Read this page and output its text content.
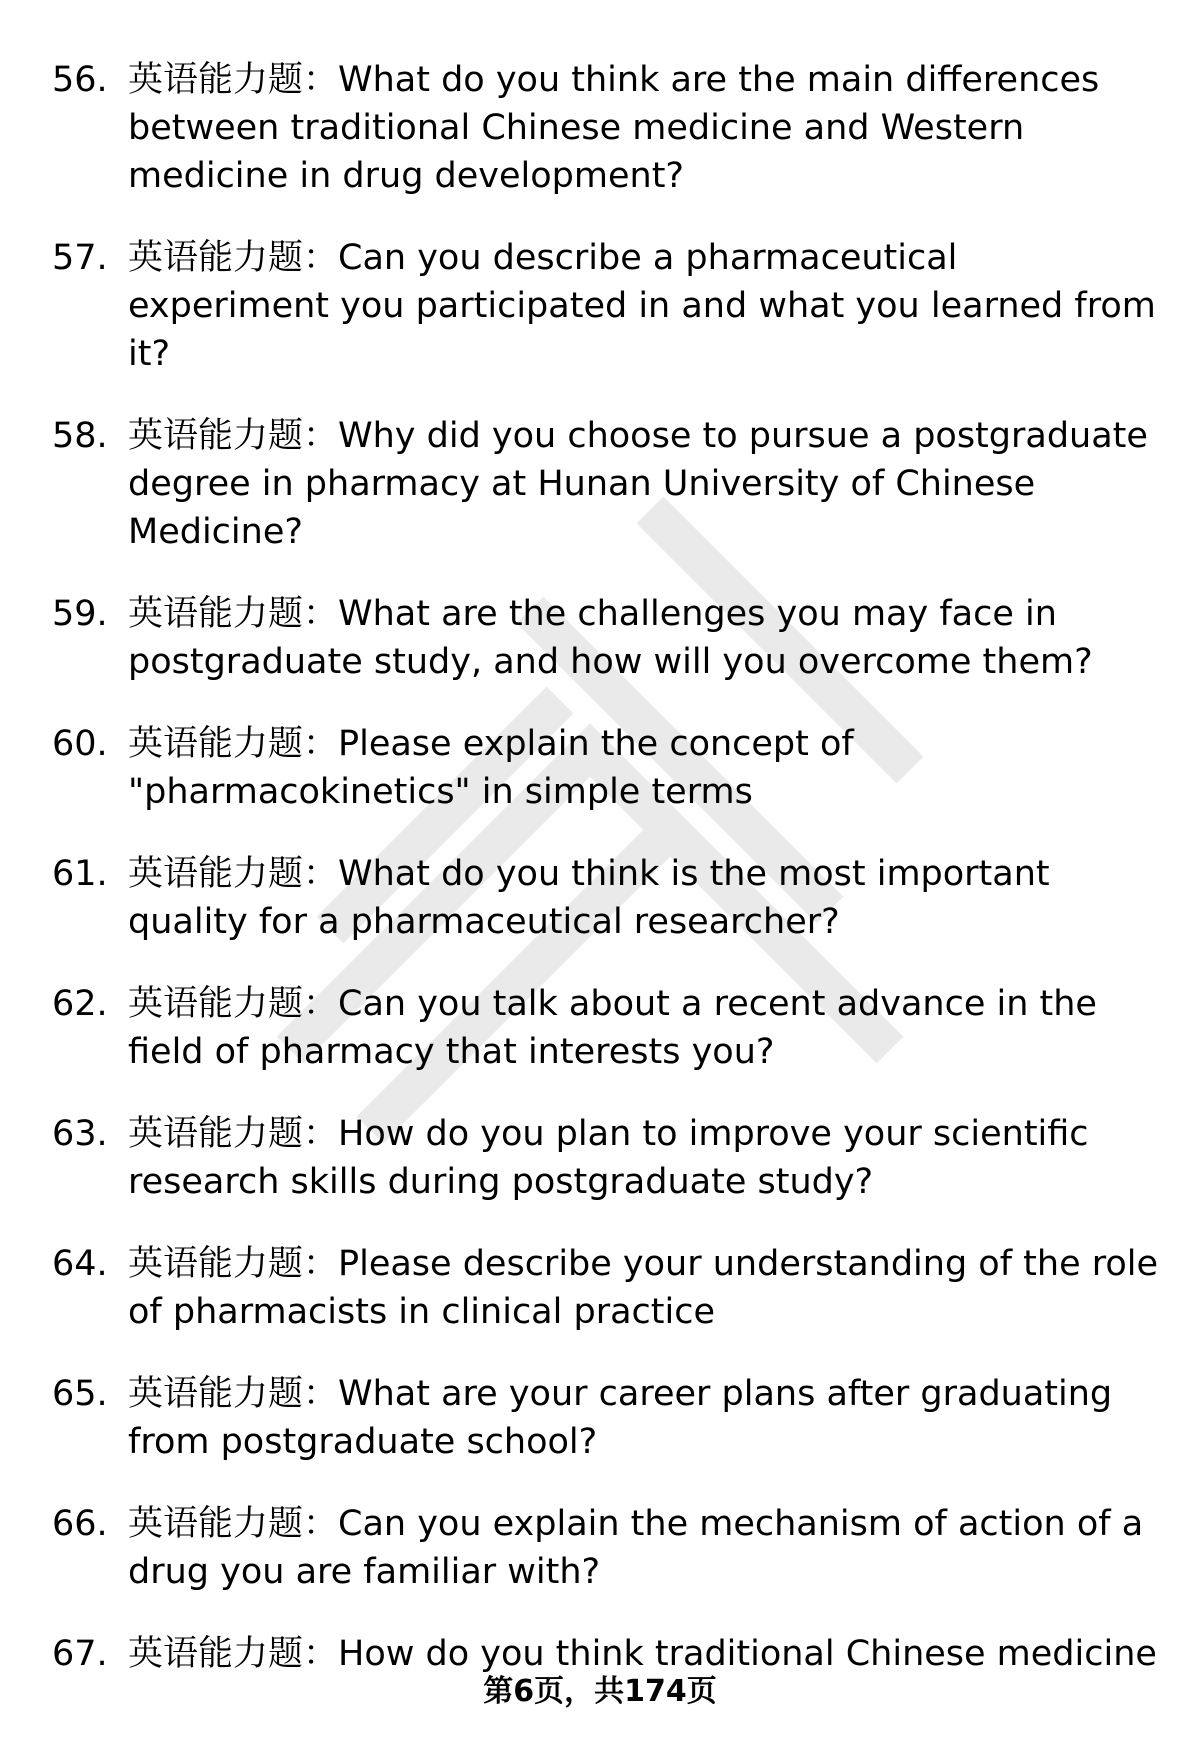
56. 英语能力题：What do you think are the main differences between traditional Chinese medicine and Western medicine in drug development?
57. 英语能力题：Can you describe a pharmaceutical experiment you participated in and what you learned from it?
58. 英语能力题：Why did you choose to pursue a postgraduate degree in pharmacy at Hunan University of Chinese Medicine?
59. 英语能力题：What are the challenges you may face in postgraduate study, and how will you overcome them?
60. 英语能力题：Please explain the concept of "pharmacokinetics" in simple terms
61. 英语能力题：What do you think is the most important quality for a pharmaceutical researcher?
62. 英语能力题：Can you talk about a recent advance in the field of pharmacy that interests you?
63. 英语能力题：How do you plan to improve your scientific research skills during postgraduate study?
64. 英语能力题：Please describe your understanding of the role of pharmacists in clinical practice
65. 英语能力题：What are your career plans after graduating from postgraduate school?
66. 英语能力题：Can you explain the mechanism of action of a drug you are familiar with?
67. 英语能力题：How do you think traditional Chinese medicine
第6页，共174页
